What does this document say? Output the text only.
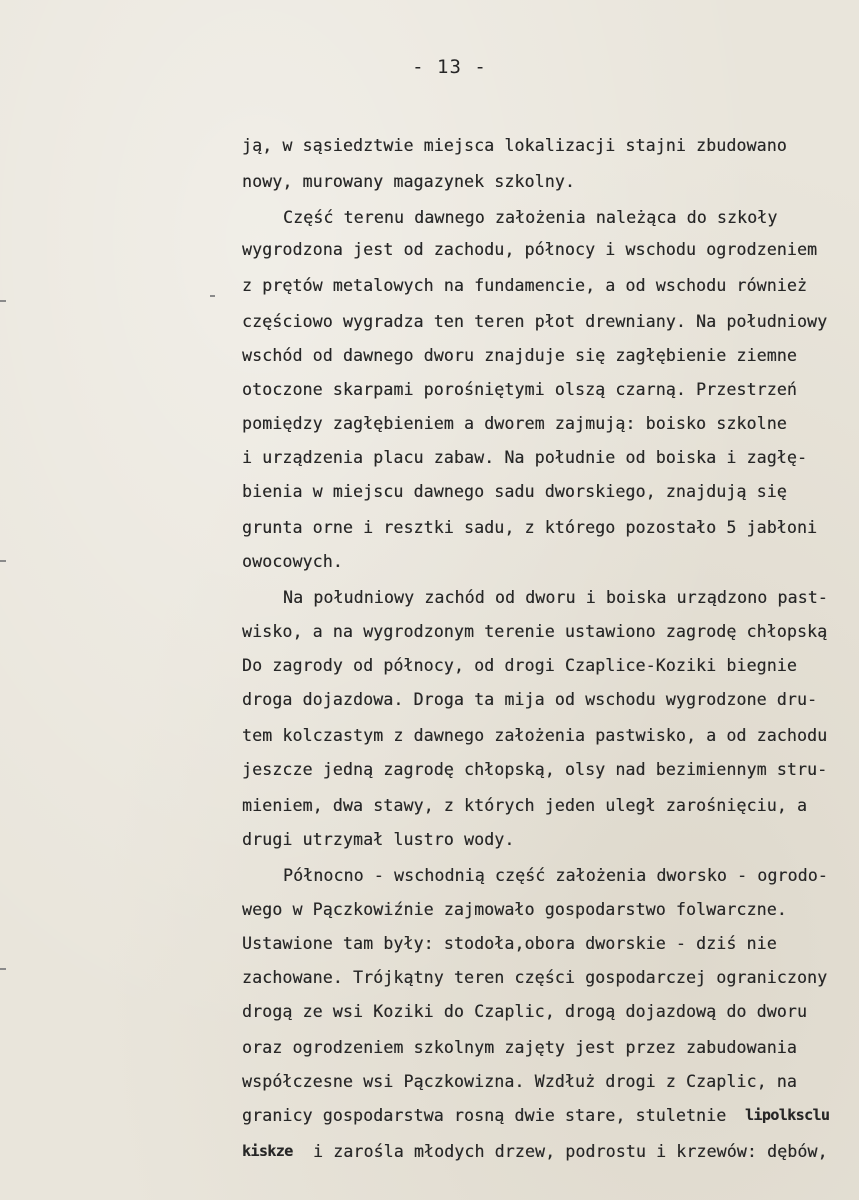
- 13 -
ją, w sąsiedztwie miejsca lokalizacji stajni zbudowano
nowy, murowany magazynek szkolny.
Część terenu dawnego założenia należąca do szkoły
wygrodzona jest od zachodu, północy i wschodu ogrodzeniem
z prętów metalowych na fundamencie, a od wschodu również
częściowo wygradza ten teren płot drewniany. Na południowy
wschód od dawnego dworu znajduje się zagłębienie ziemne
otoczone skarpami porośniętymi olszą czarną. Przestrzeń
pomiędzy zagłębieniem a dworem zajmują: boisko szkolne
i urządzenia placu zabaw. Na południe od boiska i zagłę-
bienia w miejscu dawnego sadu dworskiego, znajdują się
grunta orne i resztki sadu, z którego pozostało 5 jabłoni
owocowych.
Na południowy zachód od dworu i boiska urządzono past-
wisko, a na wygrodzonym terenie ustawiono zagrodę chłopską
Do zagrody od północy, od drogi Czaplice-Koziki biegnie
droga dojazdowa. Droga ta mija od wschodu wygrodzone dru-
tem kolczastym z dawnego założenia pastwisko, a od zachodu
jeszcze jedną zagrodę chłopską, olsy nad bezimiennym stru-
mieniem, dwa stawy, z których jeden uległ zarośnięciu, a
drugi utrzymał lustro wody.
Północno - wschodnią część założenia dworsko - ogrodo-
wego w Pączkowiźnie zajmowało gospodarstwo folwarczne.
Ustawione tam były: stodoła,obora dworskie - dziś nie
zachowane. Trójkątny teren części gospodarczej ograniczony
drogą ze wsi Koziki do Czaplic, drogą dojazdową do dworu
oraz ogrodzeniem szkolnym zajęty jest przez zabudowania
współczesne wsi Pączkowizna. Wzdłuż drogi z Czaplic, na
granicy gospodarstwa rosną dwie stare, stuletnie lipolksclu
kiskze i zarośla młodych drzew, podrostu i krzewów: dębów,
